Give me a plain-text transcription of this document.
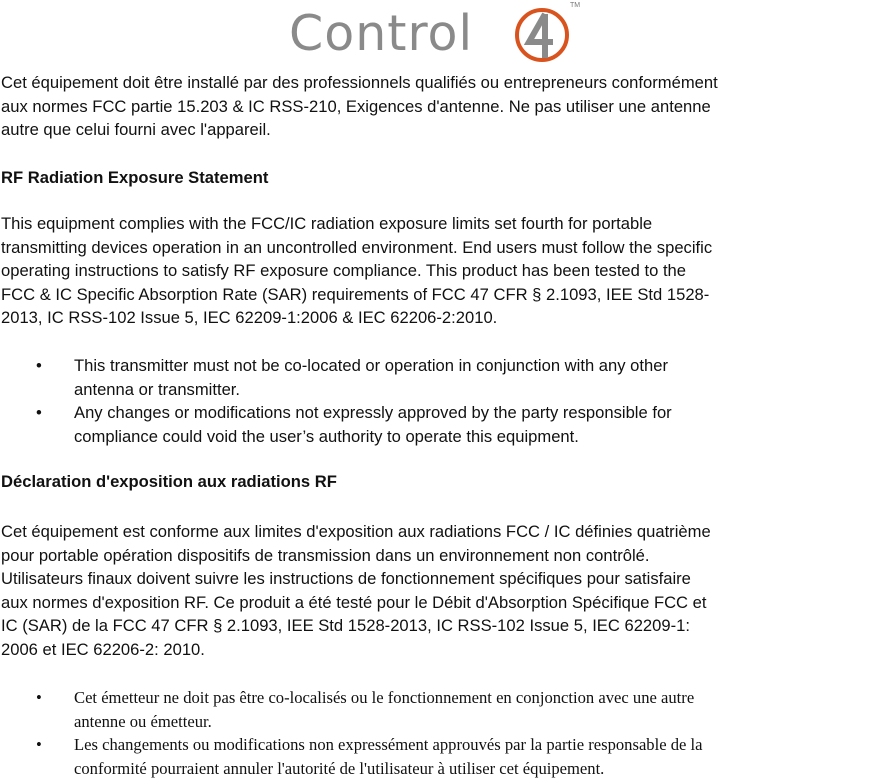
Control	TM
Cet équipement doit être installé par des professionnels qualifiés ou entrepreneurs conformément
aux normes FCC partie 15.203 & IC RSS-210, Exigences d'antenne. Ne pas utiliser une antenne
autre que celui fourni avec l'appareil.
RF Radiation Exposure Statement
This equipment complies with the FCC/IC radiation exposure limits set fourth for portable
transmitting devices operation in an uncontrolled environment. End users must follow the specific
operating instructions to satisfy RF exposure compliance. This product has been tested to the
FCC & IC Specific Absorption Rate (SAR) requirements of FCC 47 CFR § 2.1093, IEE Std 1528-
2013, IC RSS-102 Issue 5, IEC 62209-1:2006 & IEC 62206-2:2010.
• This transmitter must not be co-located or operation in conjunction with any other
antenna or transmitter.
• Any changes or modifications not expressly approved by the party responsible for
compliance could void the user’s authority to operate this equipment.
Déclaration d'exposition aux radiations RF
Cet équipement est conforme aux limites d'exposition aux radiations FCC / IC définies quatrième
pour portable opération dispositifs de transmission dans un environnement non contrôlé.
Utilisateurs finaux doivent suivre les instructions de fonctionnement spécifiques pour satisfaire
aux normes d'exposition RF. Ce produit a été testé pour le Débit d'Absorption Spécifique FCC et
IC (SAR) de la FCC 47 CFR § 2.1093, IEE Std 1528-2013, IC RSS-102 Issue 5, IEC 62209-1:
2006 et IEC 62206-2: 2010.
• Cet émetteur ne doit pas être co-localisés ou le fonctionnement en conjonction avec une autre
antenne ou émetteur.
• Les changements ou modifications non expressément approuvés par la partie responsable de la
conformité pourraient annuler l'autorité de l'utilisateur à utiliser cet équipement.
